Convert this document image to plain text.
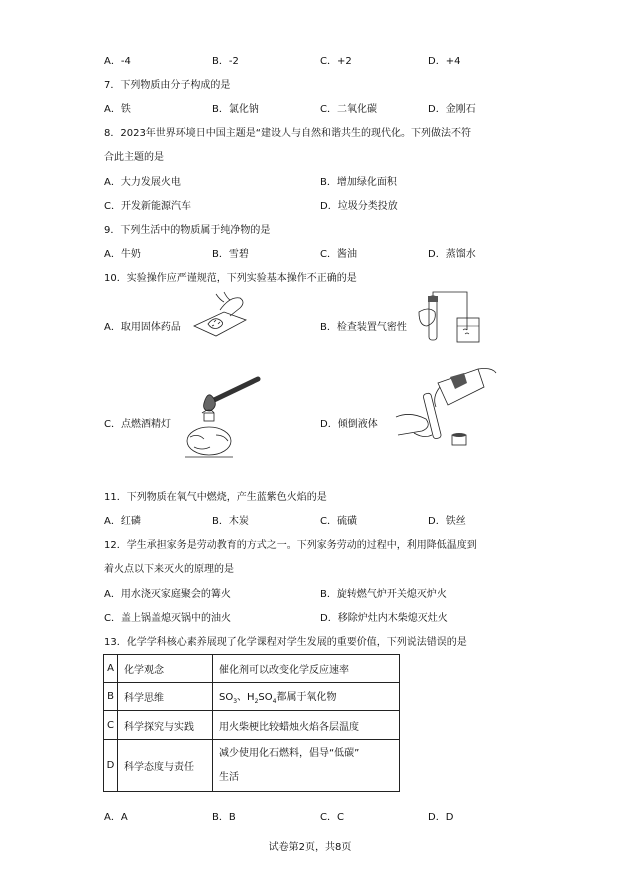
A．-4	B．-2	C．+2	D．+4
7．下列物质由分子构成的是
A．铁	B．氯化钠	C．二氧化碳	D．金刚石
8．2023年世界环境日中国主题是“建设人与自然和谐共生的现代化。下列做法不符
合此主题的是
A．大力发展火电	B．增加绿化面积
C．开发新能源汽车	D．垃圾分类投放
9．下列生活中的物质属于纯净物的是
A．牛奶	B．雪碧	C．酱油	D．蒸馏水
10．实验操作应严谨规范，下列实验基本操作不正确的是
A．取用固体药品	B．检查装置气密性
C．点燃酒精灯	D．倾倒液体
11．下列物质在氧气中燃烧，产生蓝紫色火焰的是
A．红磷	B．木炭	C．硫磺	D．铁丝
12．学生承担家务是劳动教育的方式之一。下列家务劳动的过程中，利用降低温度到
着火点以下来灭火的原理的是
A．用水浇灭家庭聚会的篝火	B．旋转燃气炉开关熄灭炉火
C．盖上锅盖熄灭锅中的油火	D．移除炉灶内木柴熄灭灶火
13．化学学科核心素养展现了化学课程对学生发展的重要价值，下列说法错误的是
A	化学观念	催化剂可以改变化学反应速率
B	科学思维	$SO_3$、$H_2SO_4$都属于氧化物
C	科学探究与实践	用火柴梗比较蜡烛火焰各层温度
D	科学态度与责任	减少使用化石燃料，倡导“低碳”
生活
A．A	B．B	C．C	D．D
试卷第2页，共8页
